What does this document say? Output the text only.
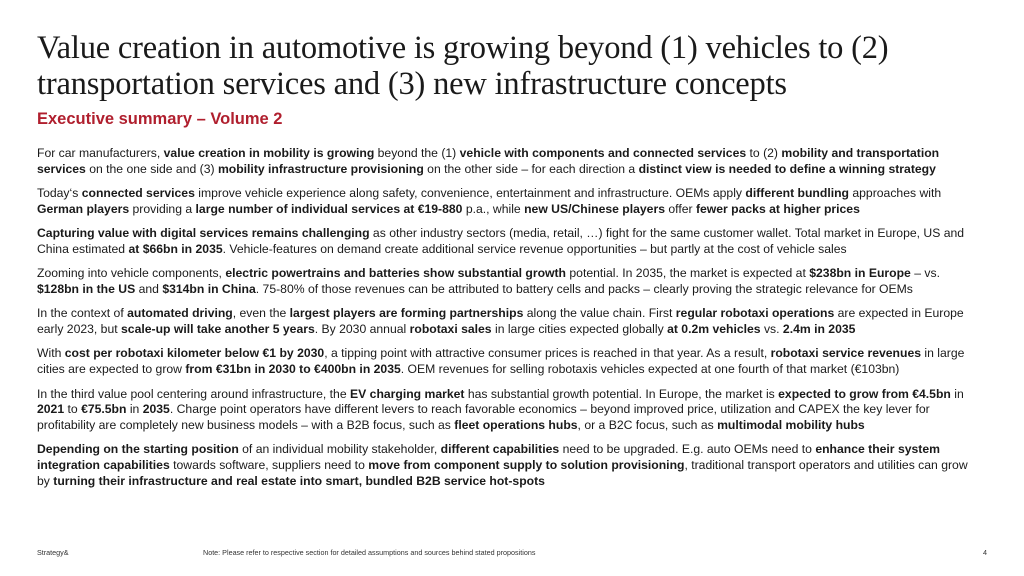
Value creation in automotive is growing beyond (1) vehicles to (2) transportation services and (3) new infrastructure concepts
Executive summary – Volume 2

For car manufacturers, value creation in mobility is growing beyond the (1) vehicle with components and connected services to (2) mobility and transportation services on the one side and (3) mobility infrastructure provisioning on the other side – for each direction a distinct view is needed to define a winning strategy

Today‘s connected services improve vehicle experience along safety, convenience, entertainment and infrastructure. OEMs apply different bundling approaches with German players providing a large number of individual services at €19-880 p.a., while new US/Chinese players offer fewer packs at higher prices

Capturing value with digital services remains challenging as other industry sectors (media, retail, …) fight for the same customer wallet. Total market in Europe, US and China estimated at $66bn in 2035. Vehicle-features on demand create additional service revenue opportunities – but partly at the cost of vehicle sales

Zooming into vehicle components, electric powertrains and batteries show substantial growth potential. In 2035, the market is expected at $238bn in Europe – vs. $128bn in the US and $314bn in China. 75-80% of those revenues can be attributed to battery cells and packs – clearly proving the strategic relevance for OEMs

In the context of automated driving, even the largest players are forming partnerships along the value chain. First regular robotaxi operations are expected in Europe early 2023, but scale-up will take another 5 years. By 2030 annual robotaxi sales in large cities expected globally at 0.2m vehicles vs. 2.4m in 2035

With cost per robotaxi kilometer below €1 by 2030, a tipping point with attractive consumer prices is reached in that year. As a result, robotaxi service revenues in large cities are expected to grow from €31bn in 2030 to €400bn in 2035. OEM revenues for selling robotaxis vehicles expected at one fourth of that market (€103bn)

In the third value pool centering around infrastructure, the EV charging market has substantial growth potential. In Europe, the market is expected to grow from €4.5bn in 2021 to €75.5bn in 2035. Charge point operators have different levers to reach favorable economics – beyond improved price, utilization and CAPEX the key lever for profitability are completely new business models – with a B2B focus, such as fleet operations hubs, or a B2C focus, such as multimodal mobility hubs

Depending on the starting position of an individual mobility stakeholder, different capabilities need to be upgraded. E.g. auto OEMs need to enhance their system integration capabilities towards software, suppliers need to move from component supply to solution provisioning, traditional transport operators and utilities can grow by turning their infrastructure and real estate into smart, bundled B2B service hot-spots

Strategy&	Note: Please refer to respective section for detailed assumptions and sources behind stated propositions	4
